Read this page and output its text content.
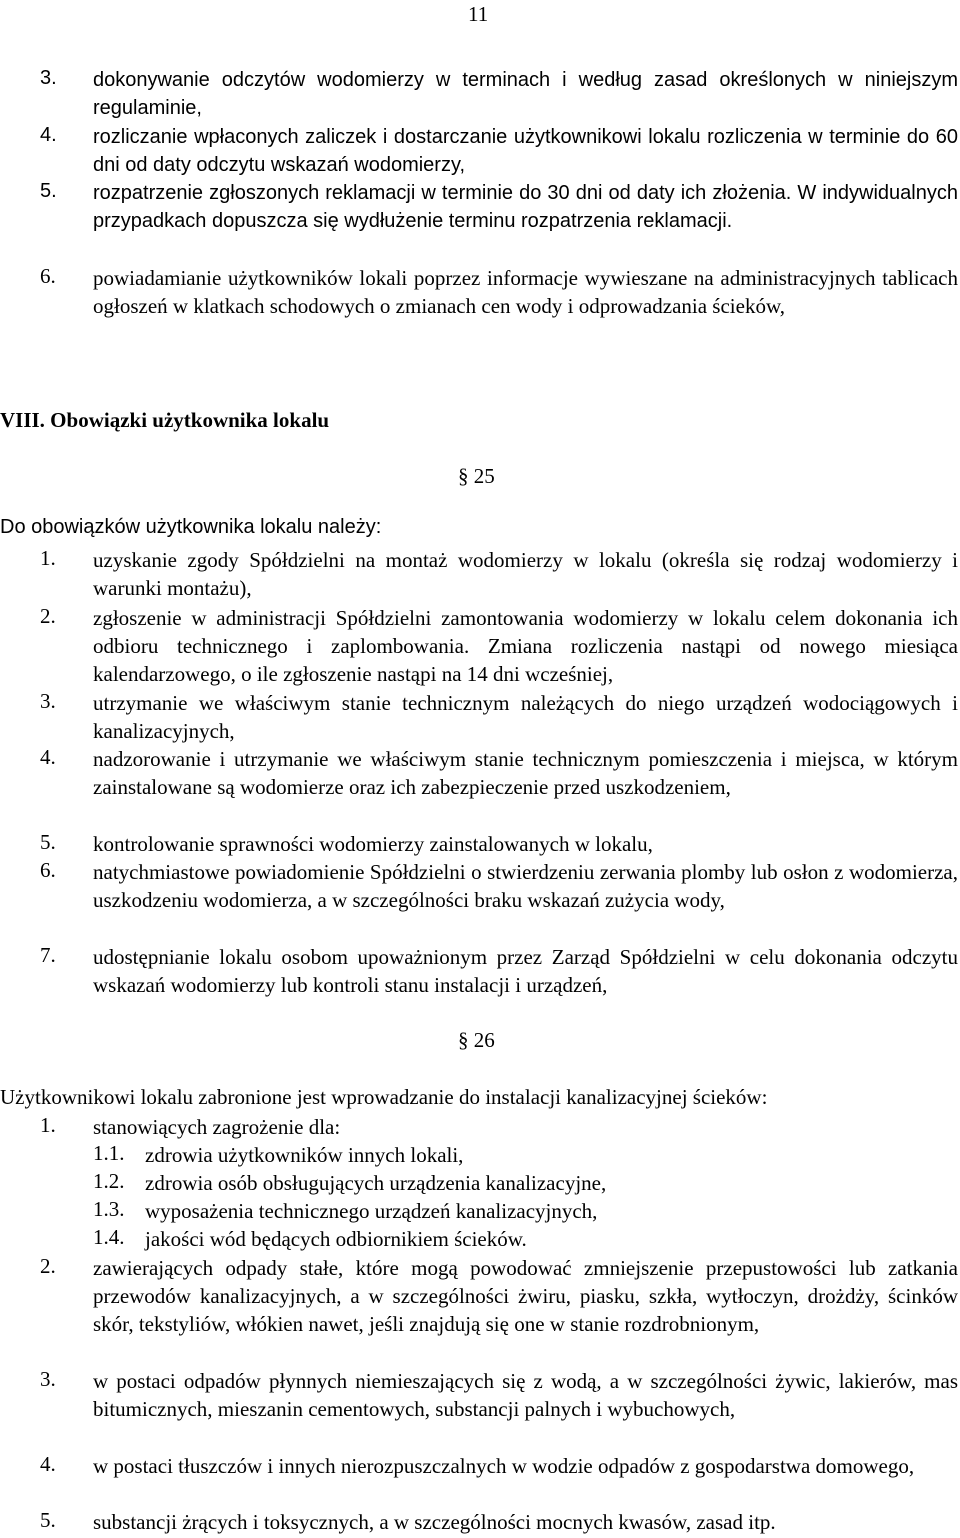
11
3. dokonywanie odczytów wodomierzy w terminach i według zasad określonych w niniejszym regulaminie,
4. rozliczanie wpłaconych zaliczek i dostarczanie użytkownikowi lokalu rozliczenia w terminie do 60 dni od daty odczytu wskazań wodomierzy,
5. rozpatrzenie zgłoszonych reklamacji w terminie do 30 dni od daty ich złożenia. W indywidualnych przypadkach dopuszcza się wydłużenie terminu rozpatrzenia reklamacji.
6. powiadamianie użytkowników lokali poprzez informacje wywieszane na administracyjnych tablicach ogłoszeń w klatkach schodowych o zmianach cen wody i odprowadzania ścieków,
VIII. Obowiązki użytkownika lokalu
§ 25
Do obowiązków użytkownika lokalu należy:
1. uzyskanie zgody Spółdzielni na montaż wodomierzy w lokalu (określa się rodzaj wodomierzy i warunki montażu),
2. zgłoszenie w administracji Spółdzielni zamontowania wodomierzy w lokalu celem dokonania ich odbioru technicznego i zaplombowania. Zmiana rozliczenia nastąpi od nowego miesiąca kalendarzowego, o ile zgłoszenie nastąpi na 14 dni wcześniej,
3. utrzymanie we właściwym stanie technicznym należących do niego urządzeń wodociągowych i kanalizacyjnych,
4. nadzorowanie i utrzymanie we właściwym stanie technicznym pomieszczenia i miejsca, w którym zainstalowane są wodomierze oraz ich zabezpieczenie przed uszkodzeniem,
5. kontrolowanie sprawności wodomierzy zainstalowanych w lokalu,
6. natychmiastowe powiadomienie Spółdzielni o stwierdzeniu zerwania plomby lub osłon z wodomierza, uszkodzeniu wodomierza, a w szczególności braku wskazań zużycia wody,
7. udostępnianie lokalu osobom upoważnionym przez Zarząd Spółdzielni w celu dokonania odczytu wskazań wodomierzy lub kontroli stanu instalacji i urządzeń,
§ 26
Użytkownikowi lokalu zabronione jest wprowadzanie do instalacji kanalizacyjnej ścieków:
1. stanowiących zagrożenie dla:
1.1. zdrowia użytkowników innych lokali,
1.2. zdrowia osób obsługujących urządzenia kanalizacyjne,
1.3. wyposażenia technicznego urządzeń kanalizacyjnych,
1.4. jakości wód będących odbiornikiem ścieków.
2. zawierających odpady stałe, które mogą powodować zmniejszenie przepustowości lub zatkania przewodów kanalizacyjnych, a w szczególności żwiru, piasku, szkła, wytłoczyn, drożdży, ścinków skór, tekstyliów, włókien nawet, jeśli znajdują się one w stanie rozdrobnionym,
3. w postaci odpadów płynnych niemieszających się z wodą, a w szczególności żywic, lakierów, mas bitumicznych, mieszanin cementowych, substancji palnych i wybuchowych,
4. w postaci tłuszczów i innych nierozpuszczalnych w wodzie odpadów z gospodarstwa domowego,
5. substancji żrących i toksycznych, a w szczególności mocnych kwasów, zasad itp.
